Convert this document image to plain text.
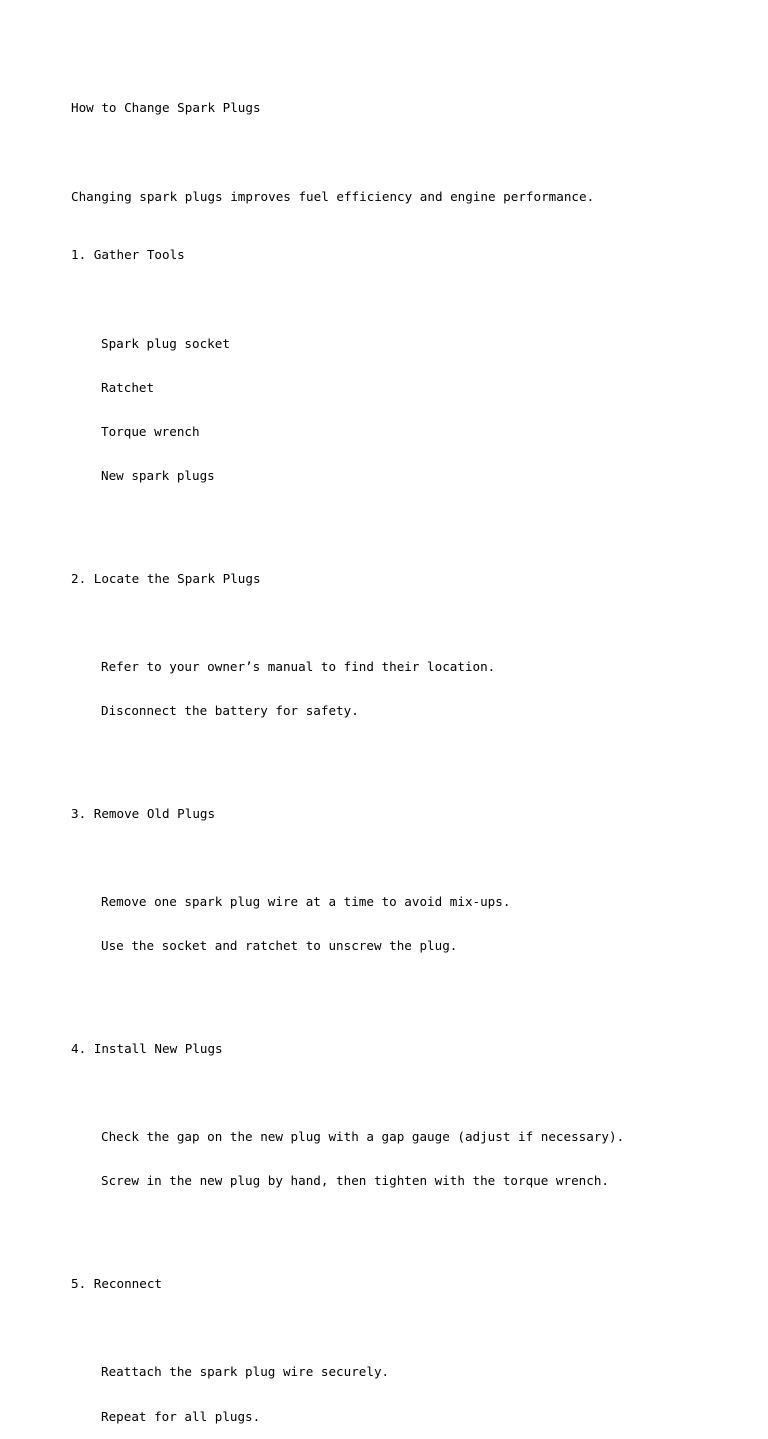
How to Change Spark Plugs

Changing spark plugs improves fuel efficiency and engine performance.

1. Gather Tools

Spark plug socket

Ratchet

Torque wrench

New spark plugs

2. Locate the Spark Plugs

Refer to your owner’s manual to find their location.

Disconnect the battery for safety.

3. Remove Old Plugs

Remove one spark plug wire at a time to avoid mix-ups.

Use the socket and ratchet to unscrew the plug.

4. Install New Plugs

Check the gap on the new plug with a gap gauge (adjust if necessary).

Screw in the new plug by hand, then tighten with the torque wrench.

5. Reconnect

Reattach the spark plug wire securely.

Repeat for all plugs.
